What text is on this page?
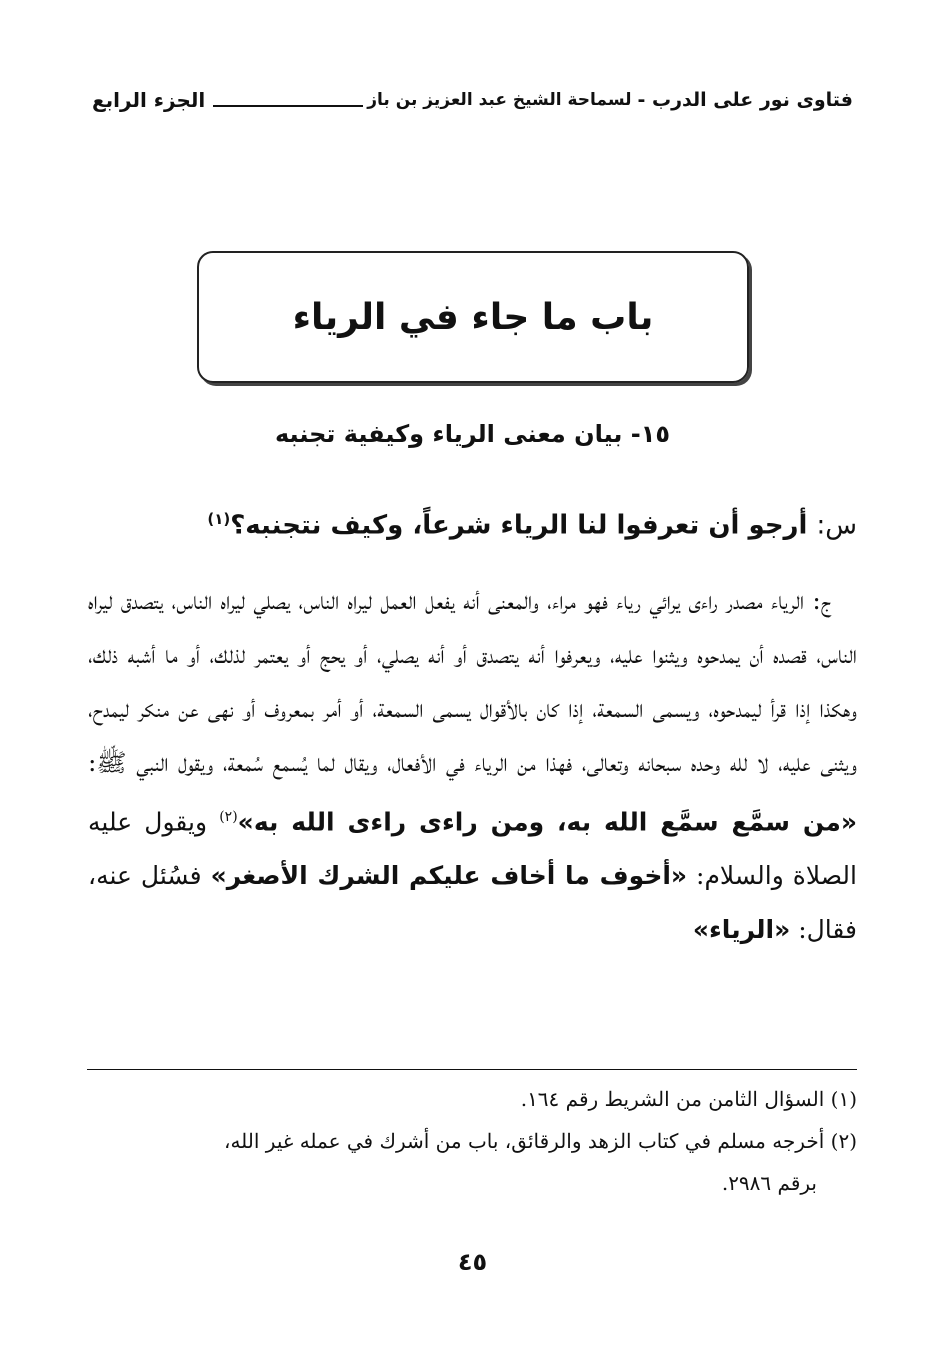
فتاوى نور على الدرب -
لسماحة الشيخ عبد العزيز بن باز
الجزء الرابع
باب ما جاء في الرياء
١٥- بيان معنى الرياء وكيفية تجنبه
س: أرجو أن تعرفوا لنا الرياء شرعاً، وكيف نتجنبه؟$^{(١)}$
ج: الرياء مصدر راءى يرائي رياء فهو مراء، والمعنى أنه يفعل العمل ليراه الناس، يصلي ليراه الناس، يتصدق ليراه الناس، قصده أن يمدحوه ويثنوا عليه، ويعرفوا أنه يتصدق أو أنه يصلي، أو يحج أو يعتمر لذلك، أو ما أشبه ذلك، وهكذا إذا قرأ ليمدحوه، ويسمى السمعة، إذا كان بالأقوال يسمى السمعة، أو أمر بمعروف أو نهى عن منكر ليمدح، ويثنى عليه، لا لله وحده سبحانه وتعالى، فهذا من الرياء في الأفعال، ويقال لما يُسمع سُمعة، ويقول النبي ﷺ: «من سمَّع سمَّع الله به، ومن راءى راءى الله به»$^{(٢)}$ ويقول عليه الصلاة والسلام: «أخوف ما أخاف عليكم الشرك الأصغر» فسُئل عنه، فقال: «الرياء»

(١) السؤال الثامن من الشريط رقم ١٦٤.

(٢) أخرجه مسلم في كتاب الزهد والرقائق، باب من أشرك في عمله غير الله،
برقم ٢٩٨٦.

٤٥
